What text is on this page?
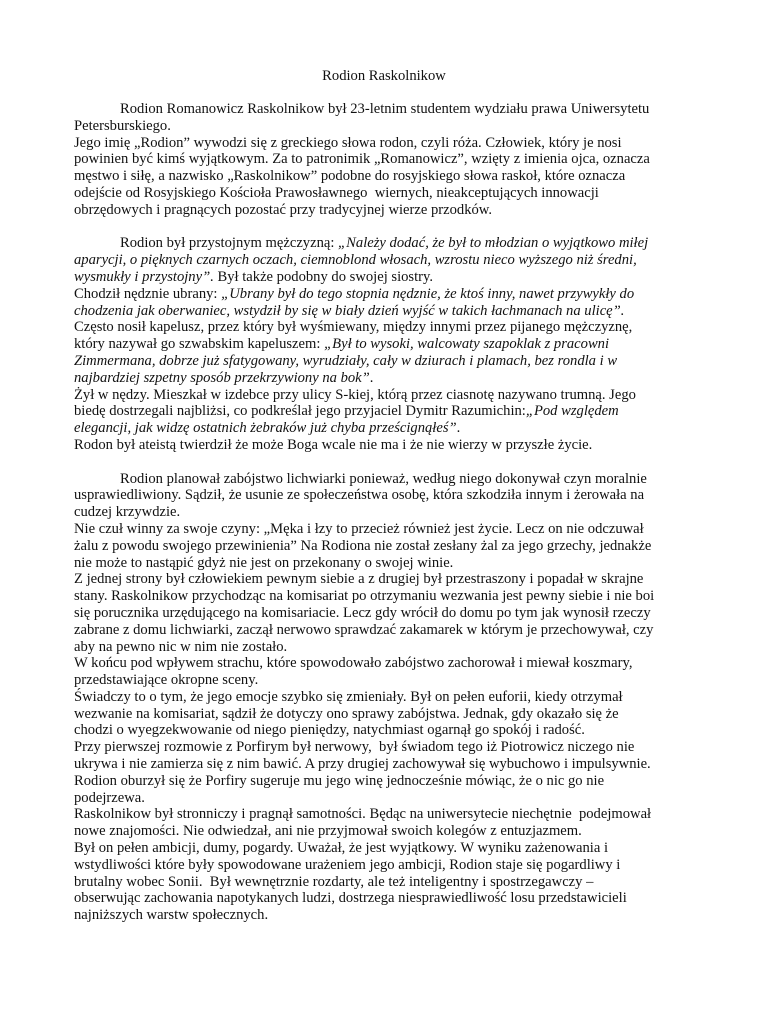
Rodion Raskolnikow
Rodion Romanowicz Raskolnikow był 23-letnim studentem wydziału prawa Uniwersytetu
Petersburskiego.
Jego imię „Rodion” wywodzi się z greckiego słowa rodon, czyli róża. Człowiek, który je nosi
powinien być kimś wyjątkowym. Za to patronimik „Romanowicz”, wzięty z imienia ojca, oznacza
męstwo i siłę, a nazwisko „Raskolnikow” podobne do rosyjskiego słowa raskoł, które oznacza
odejście od Rosyjskiego Kościoła Prawosławnego  wiernych, nieakceptujących innowacji
obrzędowych i pragnących pozostać przy tradycyjnej wierze przodków.
Rodion był przystojnym mężczyzną: „Należy dodać, że był to młodzian o wyjątkowo miłej
aparycji, o pięknych czarnych oczach, ciemnoblond włosach, wzrostu nieco wyższego niż średni,
wysmukły i przystojny”. Był także podobny do swojej siostry.
Chodził nędznie ubrany: „Ubrany był do tego stopnia nędznie, że ktoś inny, nawet przywykły do
chodzenia jak oberwaniec, wstydził by się w biały dzień wyjść w takich łachmanach na ulicę”.
Często nosił kapelusz, przez który był wyśmiewany, między innymi przez pijanego mężczyznę,
który nazywał go szwabskim kapeluszem: „Był to wysoki, walcowaty szapoklak z pracowni
Zimmermana, dobrze już sfatygowany, wyrudziały, cały w dziurach i plamach, bez rondla i w
najbardziej szpetny sposób przekrzywiony na bok”.
Żył w nędzy. Mieszkał w izdebce przy ulicy S-kiej, którą przez ciasnotę nazywano trumną. Jego
biedę dostrzegali najbliżsi, co podkreślał jego przyjaciel Dymitr Razumichin:„Pod względem
elegancji, jak widzę ostatnich żebraków już chyba prześcignąłeś”.
Rodon był ateistą twierdził że może Boga wcale nie ma i że nie wierzy w przyszłe życie.
Rodion planował zabójstwo lichwiarki ponieważ, według niego dokonywał czyn moralnie
usprawiedliwiony. Sądził, że usunie ze społeczeństwa osobę, która szkodziła innym i żerowała na
cudzej krzywdzie.
Nie czuł winny za swoje czyny: „Męka i łzy to przecież również jest życie. Lecz on nie odczuwał
żalu z powodu swojego przewinienia” Na Rodiona nie został zesłany żal za jego grzechy, jednakże
nie może to nastąpić gdyż nie jest on przekonany o swojej winie.
Z jednej strony był człowiekiem pewnym siebie a z drugiej był przestraszony i popadał w skrajne
stany. Raskolnikow przychodząc na komisariat po otrzymaniu wezwania jest pewny siebie i nie boi
się porucznika urzędującego na komisariacie. Lecz gdy wrócił do domu po tym jak wynosił rzeczy
zabrane z domu lichwiarki, zaczął nerwowo sprawdzać zakamarek w którym je przechowywał, czy
aby na pewno nic w nim nie zostało.
W końcu pod wpływem strachu, które spowodowało zabójstwo zachorował i miewał koszmary,
przedstawiające okropne sceny.
Świadczy to o tym, że jego emocje szybko się zmieniały. Był on pełen euforii, kiedy otrzymał
wezwanie na komisariat, sądził że dotyczy ono sprawy zabójstwa. Jednak, gdy okazało się że
chodzi o wyegzekwowanie od niego pieniędzy, natychmiast ogarnął go spokój i radość.
Przy pierwszej rozmowie z Porfirym był nerwowy,  był świadom tego iż Piotrowicz niczego nie
ukrywa i nie zamierza się z nim bawić. A przy drugiej zachowywał się wybuchowo i impulsywnie.
Rodion oburzył się że Porfiry sugeruje mu jego winę jednocześnie mówiąc, że o nic go nie
podejrzewa.
Raskolnikow był stronniczy i pragnął samotności. Będąc na uniwersytecie niechętnie  podejmował
nowe znajomości. Nie odwiedzał, ani nie przyjmował swoich kolegów z entuzjazmem.
Był on pełen ambicji, dumy, pogardy. Uważał, że jest wyjątkowy. W wyniku zażenowania i
wstydliwości które były spowodowane urażeniem jego ambicji, Rodion staje się pogardliwy i
brutalny wobec Sonii.  Był wewnętrznie rozdarty, ale też inteligentny i spostrzegawczy –
obserwując zachowania napotykanych ludzi, dostrzega niesprawiedliwość losu przedstawicieli
najniższych warstw społecznych.
